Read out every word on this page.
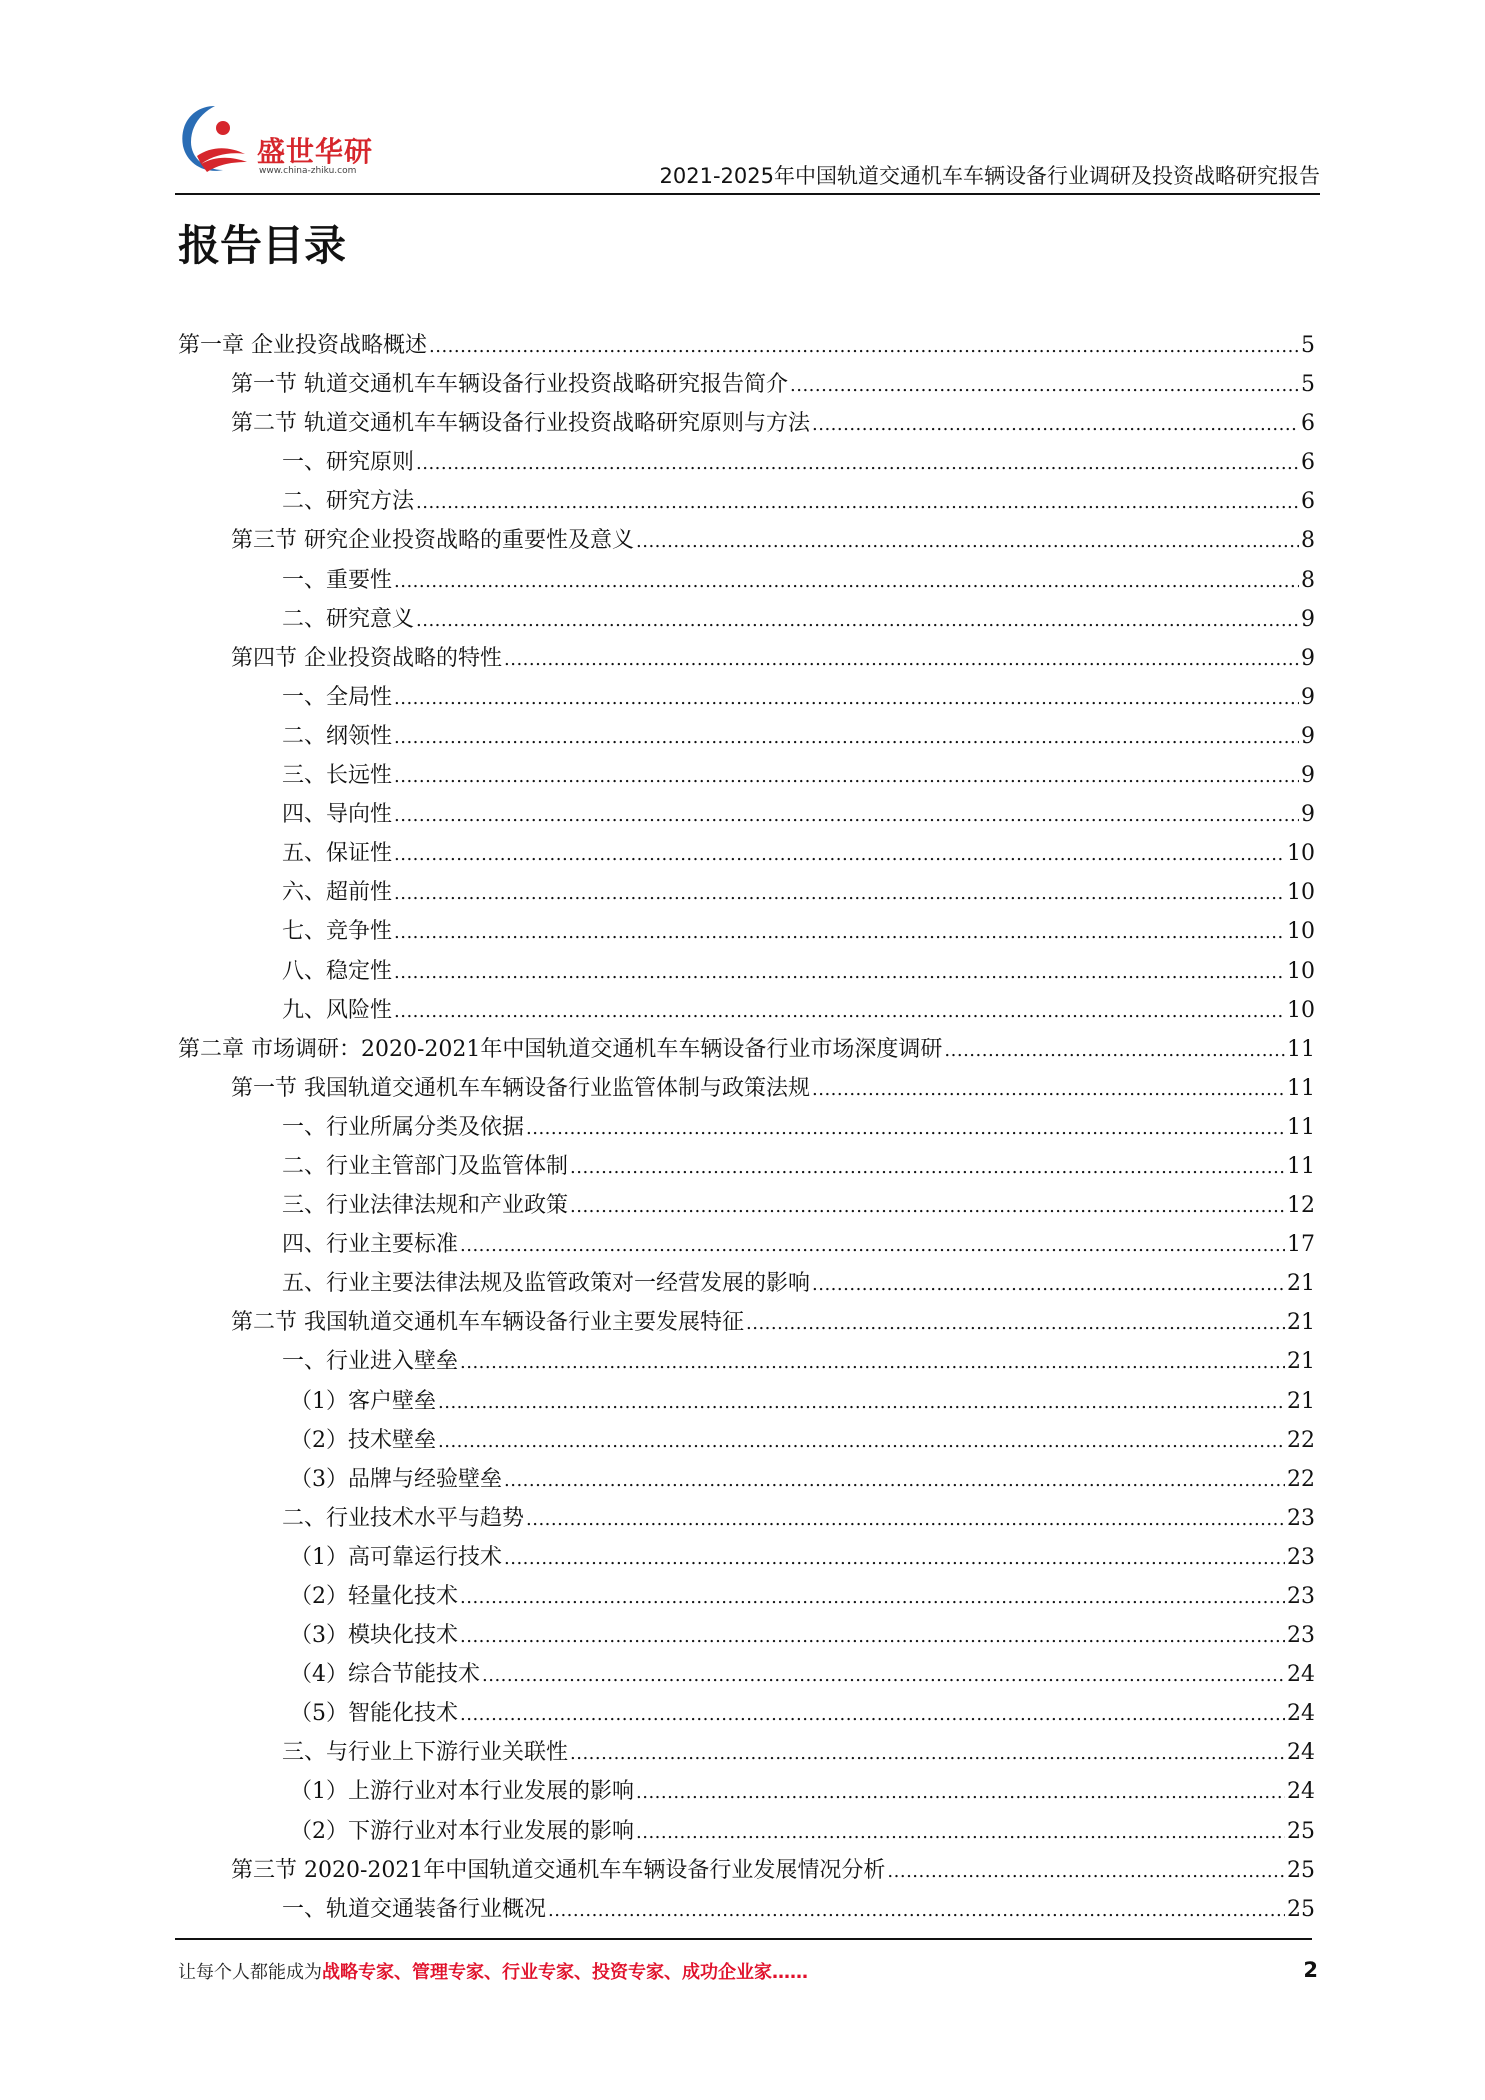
盛世华研
www.china-zhiku.com	2021-2025年中国轨道交通机车车辆设备行业调研及投资战略研究报告
报告目录
第一章 企业投资战略概述 .....	5
第一节 轨道交通机车车辆设备行业投资战略研究报告简介 .....	5
第二节 轨道交通机车车辆设备行业投资战略研究原则与方法 .....	6
一、研究原则 .....	6
二、研究方法 .....	6
第三节 研究企业投资战略的重要性及意义 .....	8
一、重要性 .....	8
二、研究意义 .....	9
第四节 企业投资战略的特性 .....	9
一、全局性 .....	9
二、纲领性 .....	9
三、长远性 .....	9
四、导向性 .....	9
五、保证性 .....	10
六、超前性 .....	10
七、竞争性 .....	10
八、稳定性 .....	10
九、风险性 .....	10
第二章 市场调研：2020-2021年中国轨道交通机车车辆设备行业市场深度调研 .....	11
第一节 我国轨道交通机车车辆设备行业监管体制与政策法规 .....	11
一、行业所属分类及依据 .....	11
二、行业主管部门及监管体制 .....	11
三、行业法律法规和产业政策 .....	12
四、行业主要标准 .....	17
五、行业主要法律法规及监管政策对一经营发展的影响 .....	21
第二节 我国轨道交通机车车辆设备行业主要发展特征 .....	21
一、行业进入壁垒 .....	21
（1）客户壁垒 .....	21
（2）技术壁垒 .....	22
（3）品牌与经验壁垒 .....	22
二、行业技术水平与趋势 .....	23
（1）高可靠运行技术 .....	23
（2）轻量化技术 .....	23
（3）模块化技术 .....	23
（4）综合节能技术 .....	24
（5）智能化技术 .....	24
三、与行业上下游行业关联性 .....	24
（1）上游行业对本行业发展的影响 .....	24
（2）下游行业对本行业发展的影响 .....	25
第三节 2020-2021年中国轨道交通机车车辆设备行业发展情况分析 .....	25
一、轨道交通装备行业概况 .....	25
让每个人都能成为战略专家、管理专家、行业专家、投资专家、成功企业家……	2
